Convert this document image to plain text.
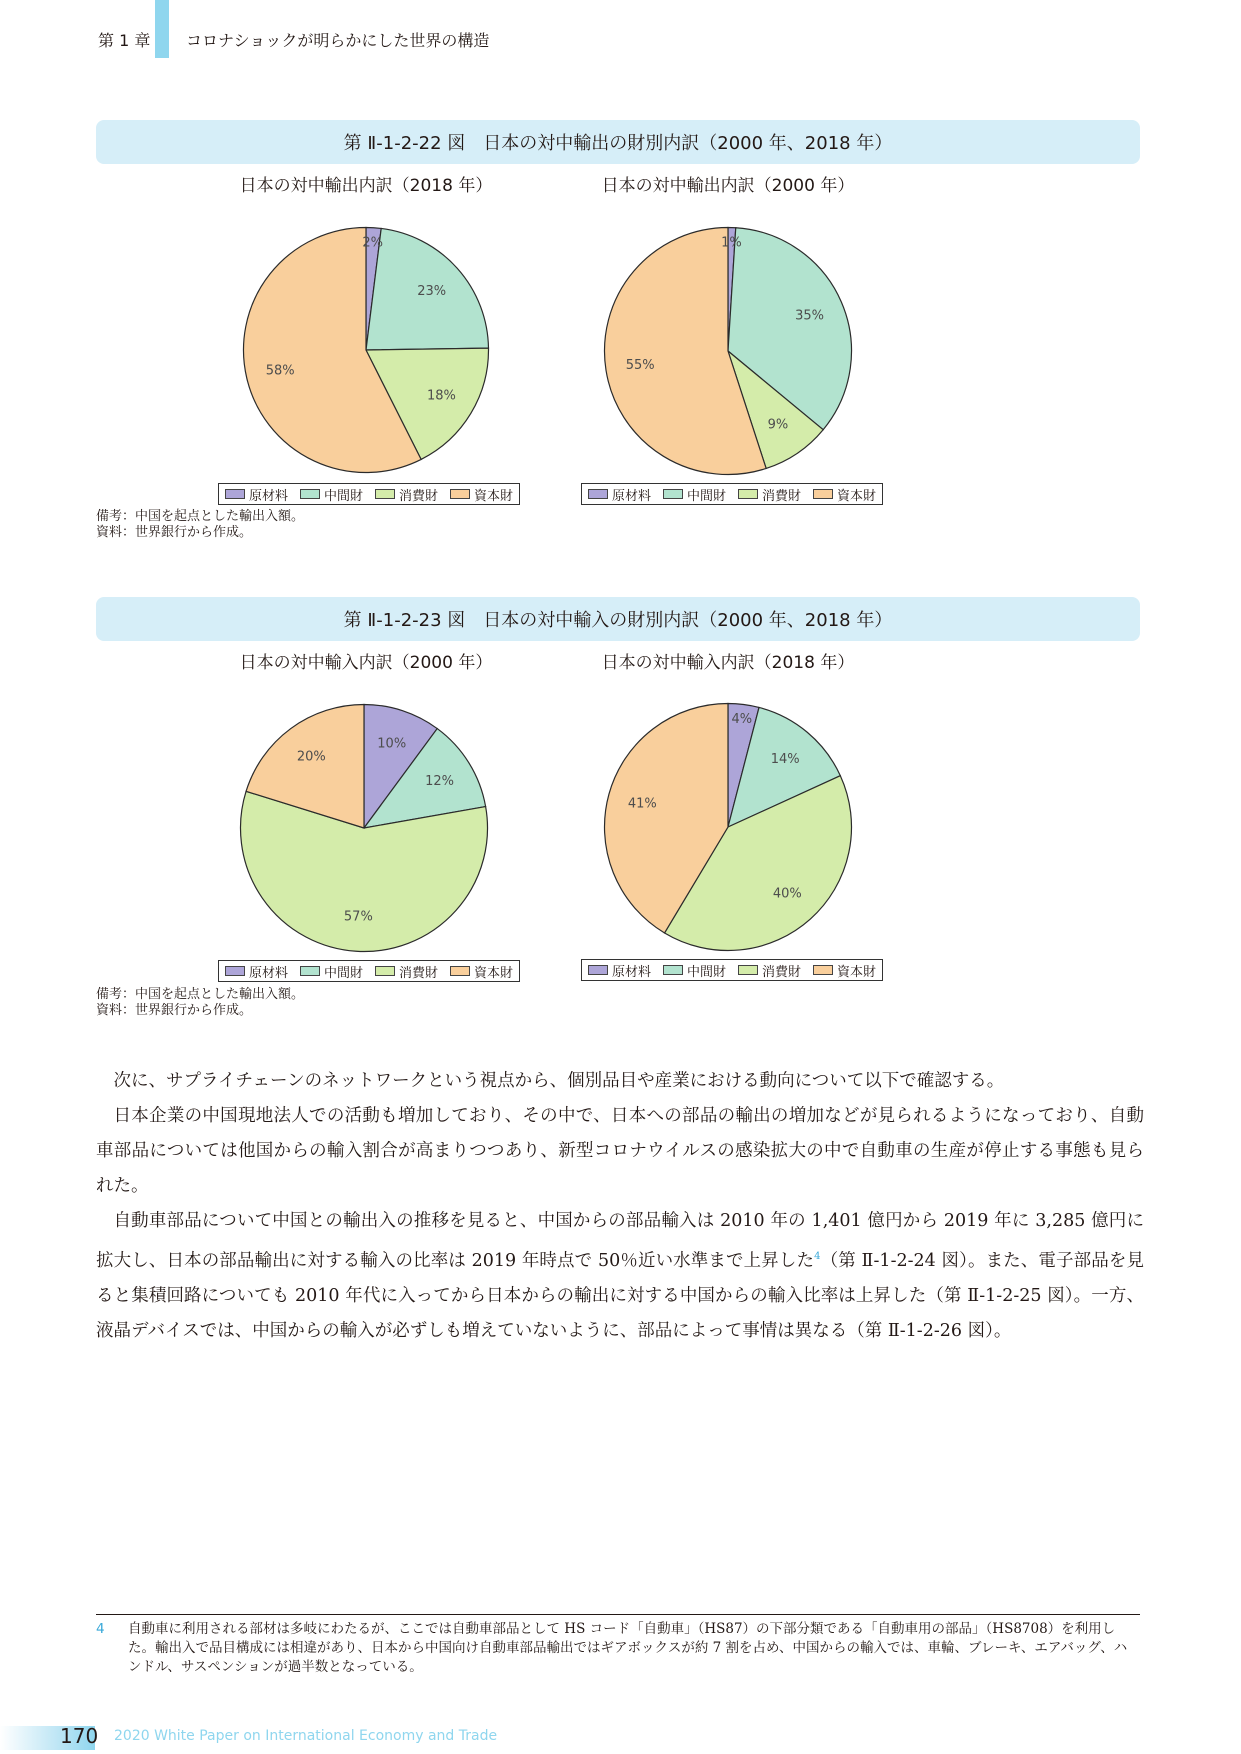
第 1 章 コロナショックが明らかにした世界の構造
第 Ⅱ-1-2-22 図　日本の対中輸出の財別内訳（2000 年、2018 年）
日本の対中輸出内訳（2018 年）	日本の対中輸出内訳（2000 年）
2%
23%
18%
58%
1%
35%
9%
55%
原材料	中間財	消費財	資本財	原材料	中間財	消費財	資本財
備考：中国を起点とした輸出入額。
資料：世界銀行から作成。
第 Ⅱ-1-2-23 図　日本の対中輸入の財別内訳（2000 年、2018 年）
日本の対中輸入内訳（2000 年）	日本の対中輸入内訳（2018 年）
10%
12%
57%
20%
4%
14%
40%
41%
原材料	中間財	消費財	資本財	原材料	中間財	消費財	資本財
備考：中国を起点とした輸出入額。
資料：世界銀行から作成。

次に、サプライチェーンのネットワークという視点から、個別品目や産業における動向について以下で確認する。

日本企業の中国現地法人での活動も増加しており、その中で、日本への部品の輸出の増加などが見られるようになっており、自動車部品については他国からの輸入割合が高まりつつあり、新型コロナウイルスの感染拡大の中で自動車の生産が停止する事態も見られた。

自動車部品について中国との輸出入の推移を見ると、中国からの部品輸入は 2010 年の 1,401 億円から 2019 年に 3,285 億円に拡大し、日本の部品輸出に対する輸入の比率は 2019 年時点で 50％近い水準まで上昇した$^4$（第 Ⅱ-1-2-24 図）。また、電子部品を見ると集積回路についても 2010 年代に入ってから日本からの輸出に対する中国からの輸入比率は上昇した（第 Ⅱ-1-2-25 図）。一方、液晶デバイスでは、中国からの輸入が必ずしも増えていないように、部品によって事情は異なる（第 Ⅱ-1-2-26 図）。

4 自動車に利用される部材は多岐にわたるが、ここでは自動車部品として HS コード「自動車」（HS87）の下部分類である「自動車用の部品」（HS8708）を利用した。輸出入で品目構成には相違があり、日本から中国向け自動車部品輸出ではギアボックスが約 7 割を占め、中国からの輸入では、車輪、ブレーキ、エアバッグ、ハンドル、サスペンションが過半数となっている。
170 2020 White Paper on International Economy and Trade
